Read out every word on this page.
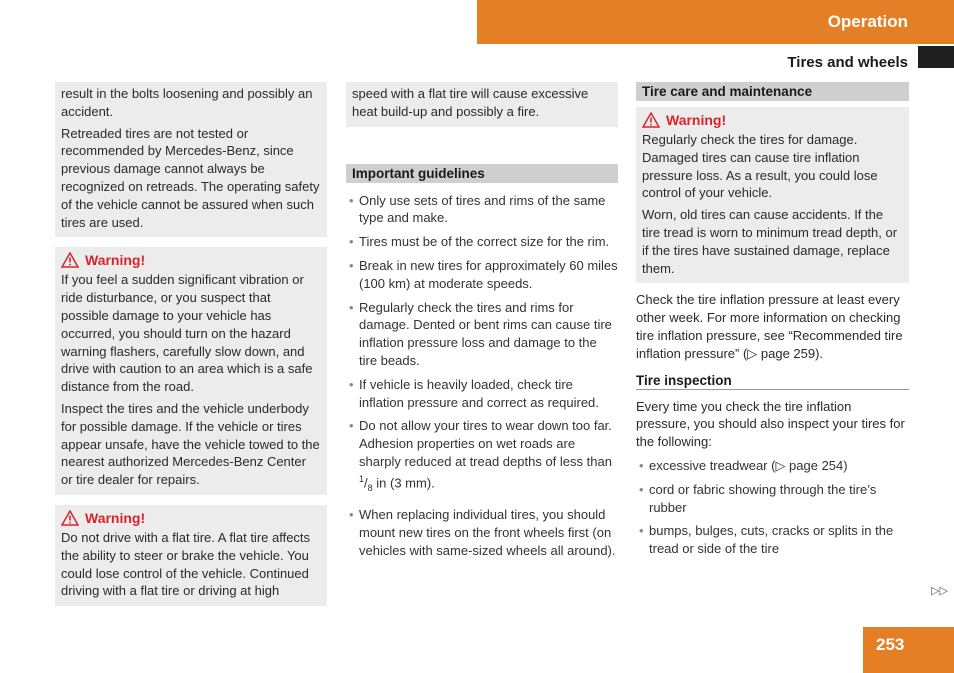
Operation
Tires and wheels

result in the bolts loosening and possibly an accident.

Retreaded tires are not tested or recommended by Mercedes-Benz, since previous damage cannot always be recognized on retreads. The operating safety of the vehicle cannot be assured when such tires are used.

Warning!

If you feel a sudden significant vibration or ride disturbance, or you suspect that possible damage to your vehicle has occurred, you should turn on the hazard warning flashers, carefully slow down, and drive with caution to an area which is a safe distance from the road.

Inspect the tires and the vehicle underbody for possible damage. If the vehicle or tires appear unsafe, have the vehicle towed to the nearest authorized Mercedes-Benz Center or tire dealer for repairs.

Warning!

Do not drive with a flat tire. A flat tire affects the ability to steer or brake the vehicle. You could lose control of the vehicle. Continued driving with a flat tire or driving at high

speed with a flat tire will cause excessive heat build-up and possibly a fire.

Important guidelines
• Only use sets of tires and rims of the same type and make.
• Tires must be of the correct size for the rim.
• Break in new tires for approximately 60 miles (100 km) at moderate speeds.
• Regularly check the tires and rims for damage. Dented or bent rims can cause tire inflation pressure loss and damage to the tire beads.
• If vehicle is heavily loaded, check tire inflation pressure and correct as required.
• Do not allow your tires to wear down too far. Adhesion properties on wet roads are sharply reduced at tread depths of less than $^1/_8$ in (3 mm).
• When replacing individual tires, you should mount new tires on the front wheels first (on vehicles with same-sized wheels all around).
Tire care and maintenance
Warning!

Regularly check the tires for damage. Damaged tires can cause tire inflation pressure loss. As a result, you could lose control of your vehicle.

Worn, old tires can cause accidents. If the tire tread is worn to minimum tread depth, or if the tires have sustained damage, replace them.

Check the tire inflation pressure at least every other week. For more information on checking tire inflation pressure, see “Recommended tire inflation pressure” (▷ page 259).

Tire inspection

Every time you check the tire inflation pressure, you should also inspect your tires for the following:

• excessive treadwear (▷ page 254)
• cord or fabric showing through the tire’s rubber
• bumps, bulges, cuts, cracks or splits in the tread or side of the tire
▷▷
253
